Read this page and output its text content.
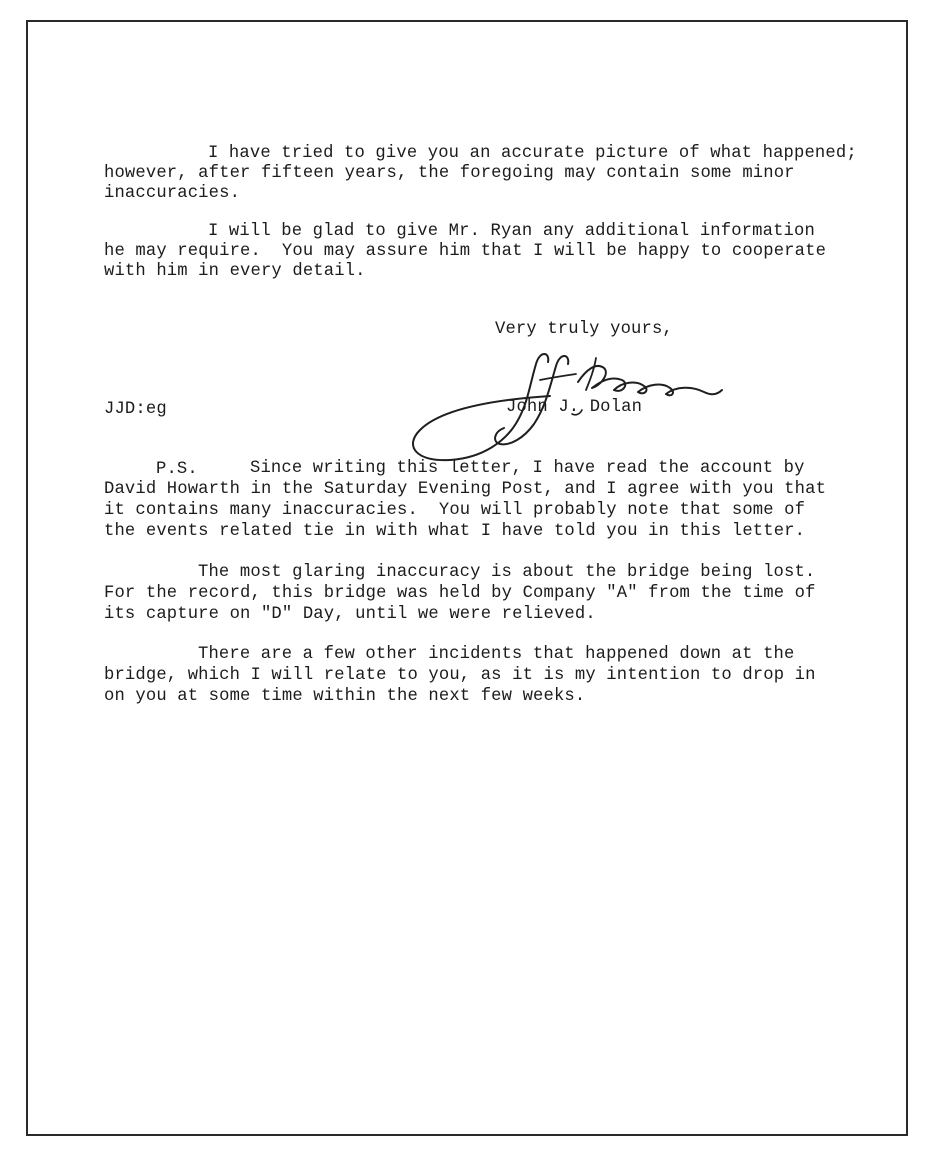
I have tried to give you an accurate picture of what happened;
however, after fifteen years, the foregoing may contain some minor
inaccuracies.
I will be glad to give Mr. Ryan any additional information
he may require.  You may assure him that I will be happy to cooperate
with him in every detail.
Very truly yours,
JJD:eg	John J. Dolan
P.S.	Since writing this letter, I have read the account by
David Howarth in the Saturday Evening Post, and I agree with you that
it contains many inaccuracies.  You will probably note that some of
the events related tie in with what I have told you in this letter.
The most glaring inaccuracy is about the bridge being lost.
For the record, this bridge was held by Company "A" from the time of
its capture on "D" Day, until we were relieved.
There are a few other incidents that happened down at the
bridge, which I will relate to you, as it is my intention to drop in
on you at some time within the next few weeks.
